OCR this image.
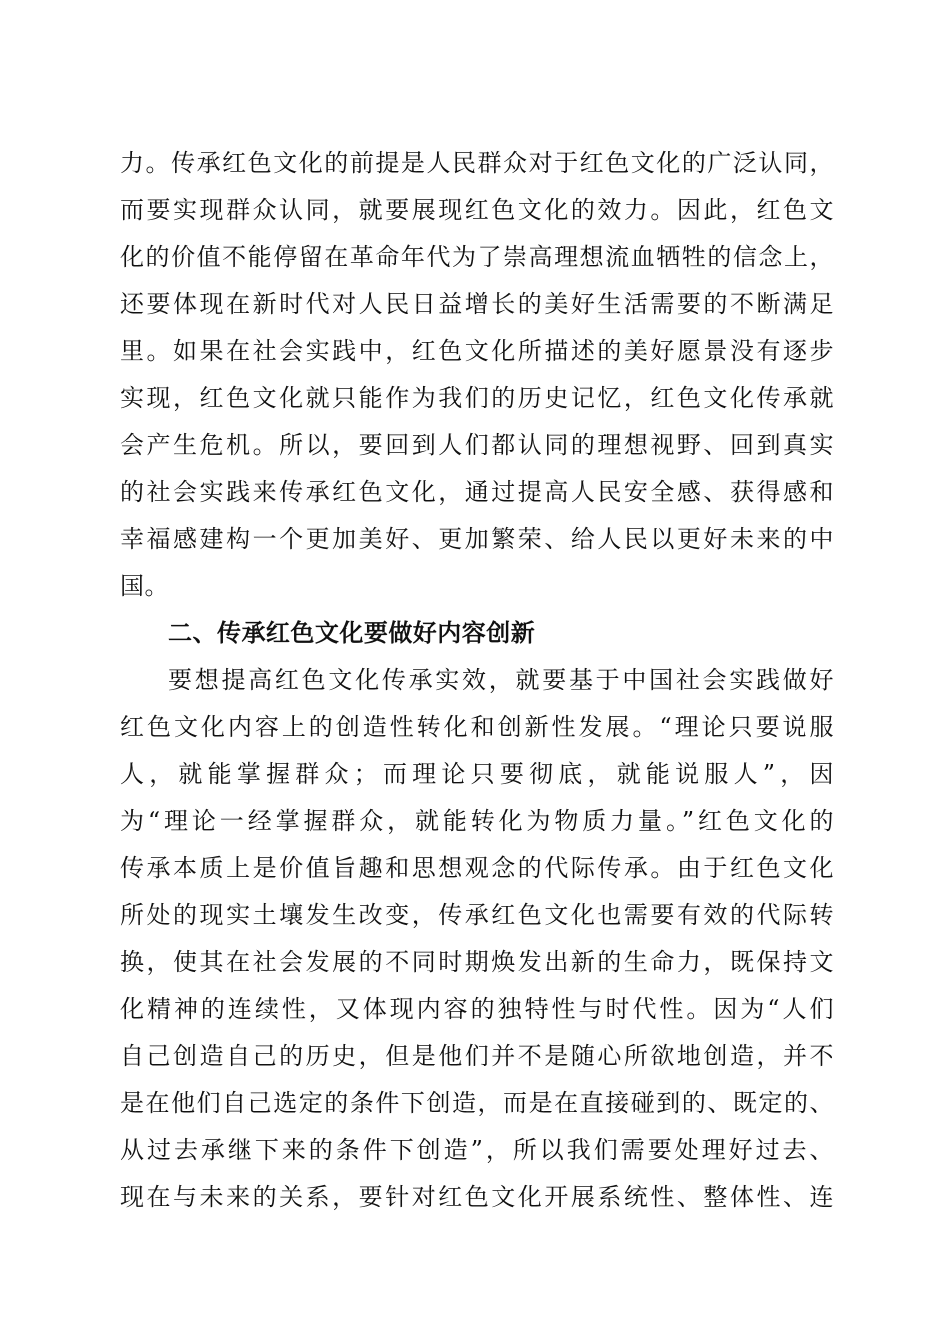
力。传承红色文化的前提是人民群众对于红色文化的广泛认同，
而要实现群众认同，就要展现红色文化的效力。因此，红色文
化的价值不能停留在革命年代为了崇高理想流血牺牲的信念上，
还要体现在新时代对人民日益增长的美好生活需要的不断满足
里。如果在社会实践中，红色文化所描述的美好愿景没有逐步
实现，红色文化就只能作为我们的历史记忆，红色文化传承就
会产生危机。所以，要回到人们都认同的理想视野、回到真实
的社会实践来传承红色文化，通过提高人民安全感、获得感和
幸福感建构一个更加美好、更加繁荣、给人民以更好未来的中
国。
二、传承红色文化要做好内容创新
要想提高红色文化传承实效，就要基于中国社会实践做好
红色文化内容上的创造性转化和创新性发展。“理论只要说服
人，就能掌握群众；而理论只要彻底，就能说服人”，因
为“理论一经掌握群众，就能转化为物质力量。”红色文化的
传承本质上是价值旨趣和思想观念的代际传承。由于红色文化
所处的现实土壤发生改变，传承红色文化也需要有效的代际转
换，使其在社会发展的不同时期焕发出新的生命力，既保持文
化精神的连续性，又体现内容的独特性与时代性。因为“人们
自己创造自己的历史，但是他们并不是随心所欲地创造，并不
是在他们自己选定的条件下创造，而是在直接碰到的、既定的、
从过去承继下来的条件下创造”，所以我们需要处理好过去、
现在与未来的关系，要针对红色文化开展系统性、整体性、连
